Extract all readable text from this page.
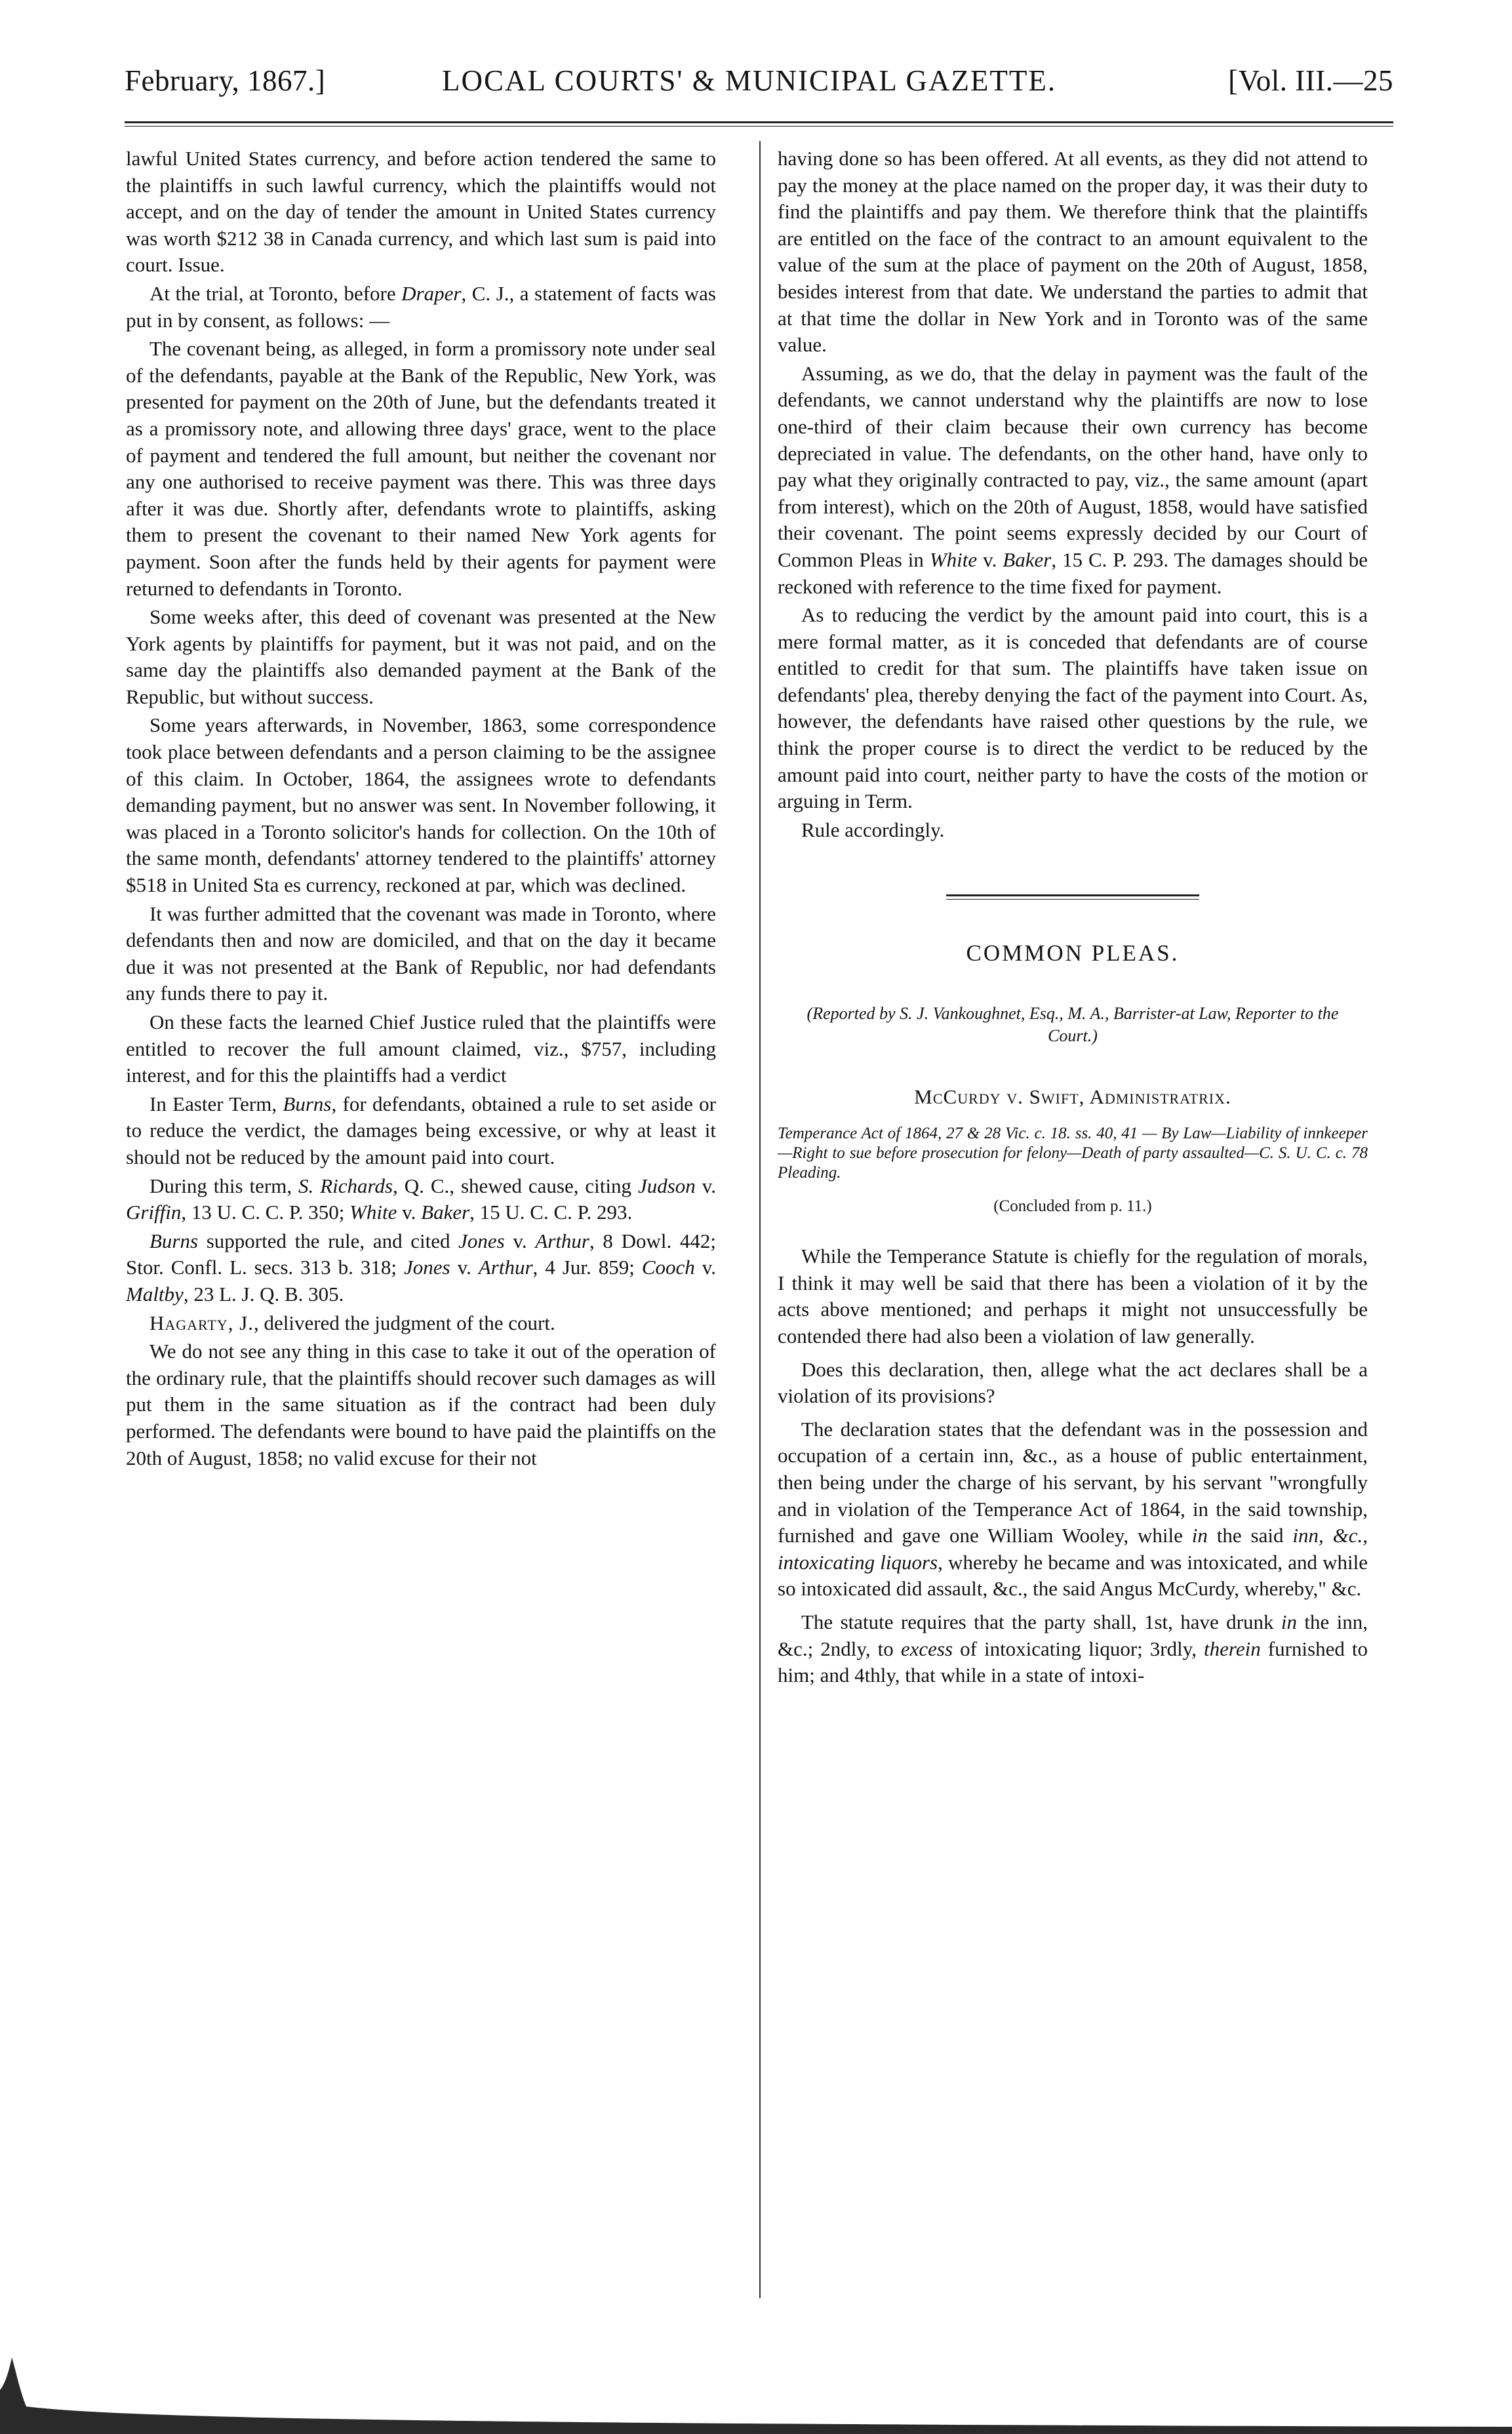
February, 1867.]	LOCAL COURTS' & MUNICIPAL GAZETTE.	[Vol. III.—25

lawful United States currency, and before action tendered the same to the plaintiffs in such lawful currency, which the plaintiffs would not accept, and on the day of tender the amount in United States currency was worth $212 38 in Canada currency, and which last sum is paid into court. Issue.

At the trial, at Toronto, before Draper, C. J., a statement of facts was put in by consent, as follows: —

The covenant being, as alleged, in form a promissory note under seal of the defendants, payable at the Bank of the Republic, New York, was presented for payment on the 20th of June, but the defendants treated it as a promissory note, and allowing three days' grace, went to the place of payment and tendered the full amount, but neither the covenant nor any one authorised to receive payment was there. This was three days after it was due. Shortly after, defendants wrote to plaintiffs, asking them to present the covenant to their named New York agents for payment. Soon after the funds held by their agents for payment were returned to defendants in Toronto.

Some weeks after, this deed of covenant was presented at the New York agents by plaintiffs for payment, but it was not paid, and on the same day the plaintiffs also demanded payment at the Bank of the Republic, but without success.

Some years afterwards, in November, 1863, some correspondence took place between defendants and a person claiming to be the assignee of this claim. In October, 1864, the assignees wrote to defendants demanding payment, but no answer was sent. In November following, it was placed in a Toronto solicitor's hands for collection. On the 10th of the same month, defendants' attorney tendered to the plaintiffs' attorney $518 in United Sta es currency, reckoned at par, which was declined.

It was further admitted that the covenant was made in Toronto, where defendants then and now are domiciled, and that on the day it became due it was not presented at the Bank of Republic, nor had defendants any funds there to pay it.

On these facts the learned Chief Justice ruled that the plaintiffs were entitled to recover the full amount claimed, viz., $757, including interest, and for this the plaintiffs had a verdict

In Easter Term, Burns, for defendants, obtained a rule to set aside or to reduce the verdict, the damages being excessive, or why at least it should not be reduced by the amount paid into court.

During this term, S. Richards, Q. C., shewed cause, citing Judson v. Griffin, 13 U. C. C. P. 350; White v. Baker, 15 U. C. C. P. 293.

Burns supported the rule, and cited Jones v. Arthur, 8 Dowl. 442; Stor. Confl. L. secs. 313 b. 318; Jones v. Arthur, 4 Jur. 859; Cooch v. Maltby, 23 L. J. Q. B. 305.

Hagarty, J., delivered the judgment of the court.

We do not see any thing in this case to take it out of the operation of the ordinary rule, that the plaintiffs should recover such damages as will put them in the same situation as if the contract had been duly performed. The defendants were bound to have paid the plaintiffs on the 20th of August, 1858; no valid excuse for their not

having done so has been offered. At all events, as they did not attend to pay the money at the place named on the proper day, it was their duty to find the plaintiffs and pay them. We therefore think that the plaintiffs are entitled on the face of the contract to an amount equivalent to the value of the sum at the place of payment on the 20th of August, 1858, besides interest from that date. We understand the parties to admit that at that time the dollar in New York and in Toronto was of the same value.

Assuming, as we do, that the delay in payment was the fault of the defendants, we cannot understand why the plaintiffs are now to lose one-third of their claim because their own currency has become depreciated in value. The defendants, on the other hand, have only to pay what they originally contracted to pay, viz., the same amount (apart from interest), which on the 20th of August, 1858, would have satisfied their covenant. The point seems expressly decided by our Court of Common Pleas in White v. Baker, 15 C. P. 293. The damages should be reckoned with reference to the time fixed for payment.

As to reducing the verdict by the amount paid into court, this is a mere formal matter, as it is conceded that defendants are of course entitled to credit for that sum. The plaintiffs have taken issue on defendants' plea, thereby denying the fact of the payment into Court. As, however, the defendants have raised other questions by the rule, we think the proper course is to direct the verdict to be reduced by the amount paid into court, neither party to have the costs of the motion or arguing in Term.

Rule accordingly.

COMMON PLEAS.

(Reported by S. J. Vankoughnet, Esq., M. A., Barrister-at Law, Reporter to the Court.)

McCurdy v. Swift, Administratrix.

Temperance Act of 1864, 27 & 28 Vic. c. 18. ss. 40, 41 — By Law—Liability of innkeeper—Right to sue before prosecution for felony—Death of party assaulted—C. S. U. C. c. 78 Pleading.

(Concluded from p. 11.)

While the Temperance Statute is chiefly for the regulation of morals, I think it may well be said that there has been a violation of it by the acts above mentioned; and perhaps it might not unsuccessfully be contended there had also been a violation of law generally.

Does this declaration, then, allege what the act declares shall be a violation of its provisions?

The declaration states that the defendant was in the possession and occupation of a certain inn, &c., as a house of public entertainment, then being under the charge of his servant, by his servant "wrongfully and in violation of the Temperance Act of 1864, in the said township, furnished and gave one William Wooley, while in the said inn, &c., intoxicating liquors, whereby he became and was intoxicated, and while so intoxicated did assault, &c., the said Angus McCurdy, whereby," &c.

The statute requires that the party shall, 1st, have drunk in the inn, &c.; 2ndly, to excess of intoxicating liquor; 3rdly, therein furnished to him; and 4thly, that while in a state of intoxi-
